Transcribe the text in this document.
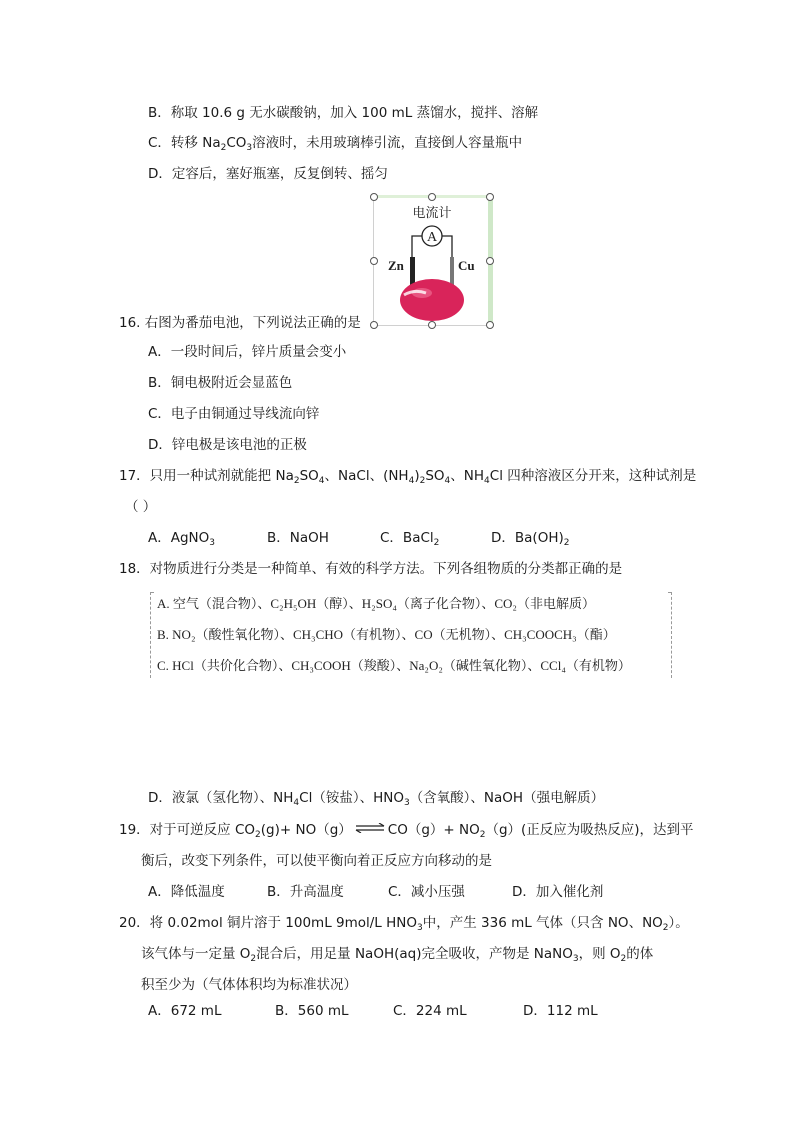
B．称取 10.6 g 无水碳酸钠，加入 100 mL 蒸馏水，搅拌、溶解
C．转移 $Na_2CO_3$溶液时，未用玻璃棒引流，直接倒人容量瓶中
D．定容后，塞好瓶塞，反复倒转、摇匀
电流计
A
Zn	Cu
16. 右图为番茄电池，下列说法正确的是
A．一段时间后，锌片质量会变小
B．铜电极附近会显蓝色
C．电子由铜通过导线流向锌
D．锌电极是该电池的正极
17．只用一种试剂就能把 $Na_2SO_4$、NaCl、$(NH_4)_2SO_4$、$NH_4Cl$ 四种溶液区分开来，这种试剂是
（ ）
A．AgNO$_3$	B．NaOH	C．BaCl$_2$	D．$Ba(OH)_2$
18．对物质进行分类是一种简单、有效的科学方法。下列各组物质的分类都正确的是
A. 空气（混合物）、C₂H₅OH（醇）、H₂SO₄（离子化合物）、CO₂（非电解质）
B. NO₂（酸性氧化物）、CH₃CHO（有机物）、CO（无机物）、CH₃COOCH₃（酯）
C. HCl（共价化合物）、CH₃COOH（羧酸）、Na₂O₂（碱性氧化物）、CCl₄（有机物）
D．液氯（氢化物）、$NH_4Cl$（铵盐）、$HNO_3$（含氧酸）、NaOH（强电解质）
19．对于可逆反应 $CO_2(g)+ NO(g)$ ⇌ $CO(g)+ NO_2(g)$(正反应为吸热反应)，达到平
衡后，改变下列条件，可以使平衡向着正反应方向移动的是
A．降低温度	B．升高温度	C．减小压强	D．加入催化剂
20．将 0.02mol 铜片溶于 100mL 9mol/L $HNO_3$中，产生 336 mL 气体（只含 NO、$NO_2$）。
该气体与一定量 $O_2$混合后，用足量 NaOH(aq)完全吸收，产物是 NaNO$_3$，则 $O_2$的体
积至少为（气体体积均为标准状况）
A．672 mL	B．560 mL	C．224 mL	D．112 mL
